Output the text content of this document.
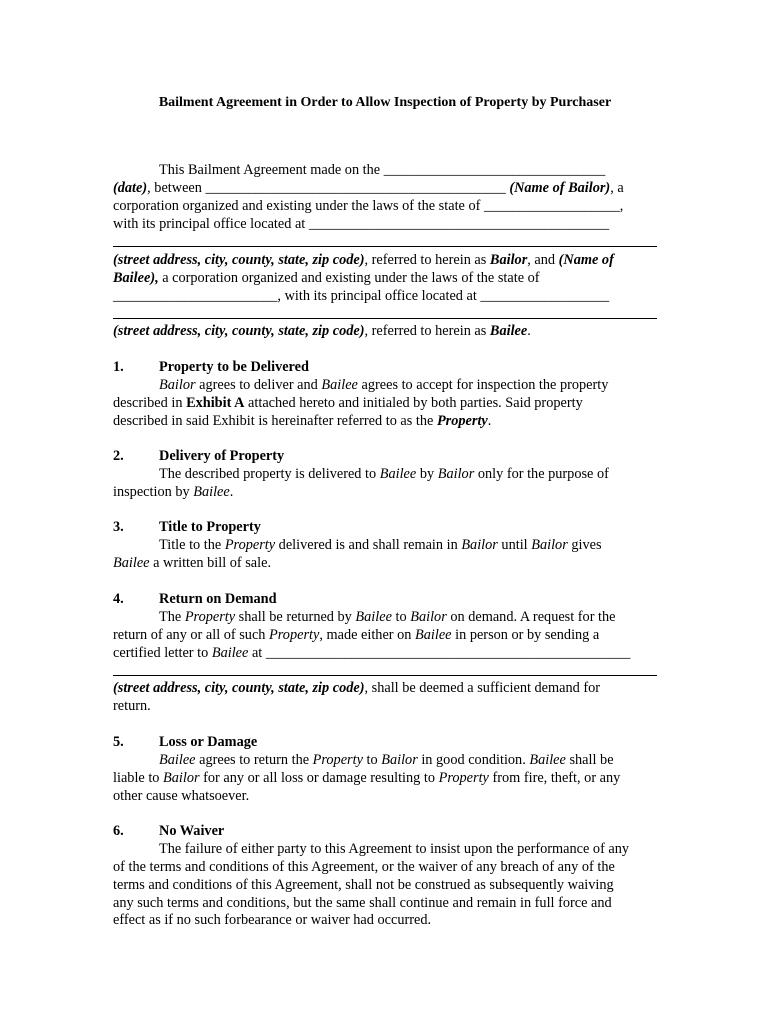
Bailment Agreement in Order to Allow Inspection of Property by Purchaser
This Bailment Agreement made on the _______________________________
(date), between __________________________________________ (Name of Bailor), a
corporation organized and existing under the laws of the state of ___________________,
with its principal office located at __________________________________________
(street address, city, county, state, zip code), referred to herein as Bailor, and (Name of
Bailee), a corporation organized and existing under the laws of the state of
_______________________, with its principal office located at __________________
(street address, city, county, state, zip code), referred to herein as Bailee.
1. Property to be Delivered
Bailor agrees to deliver and Bailee agrees to accept for inspection the property
described in Exhibit A attached hereto and initialed by both parties. Said property
described in said Exhibit is hereinafter referred to as the Property.
2. Delivery of Property
The described property is delivered to Bailee by Bailor only for the purpose of
inspection by Bailee.
3. Title to Property
Title to the Property delivered is and shall remain in Bailor until Bailor gives
Bailee a written bill of sale.
4. Return on Demand
The Property shall be returned by Bailee to Bailor on demand. A request for the
return of any or all of such Property, made either on Bailee in person or by sending a
certified letter to Bailee at ___________________________________________________
(street address, city, county, state, zip code), shall be deemed a sufficient demand for
return.
5. Loss or Damage
Bailee agrees to return the Property to Bailor in good condition. Bailee shall be
liable to Bailor for any or all loss or damage resulting to Property from fire, theft, or any
other cause whatsoever.
6. No Waiver
The failure of either party to this Agreement to insist upon the performance of any
of the terms and conditions of this Agreement, or the waiver of any breach of any of the
terms and conditions of this Agreement, shall not be construed as subsequently waiving
any such terms and conditions, but the same shall continue and remain in full force and
effect as if no such forbearance or waiver had occurred.
